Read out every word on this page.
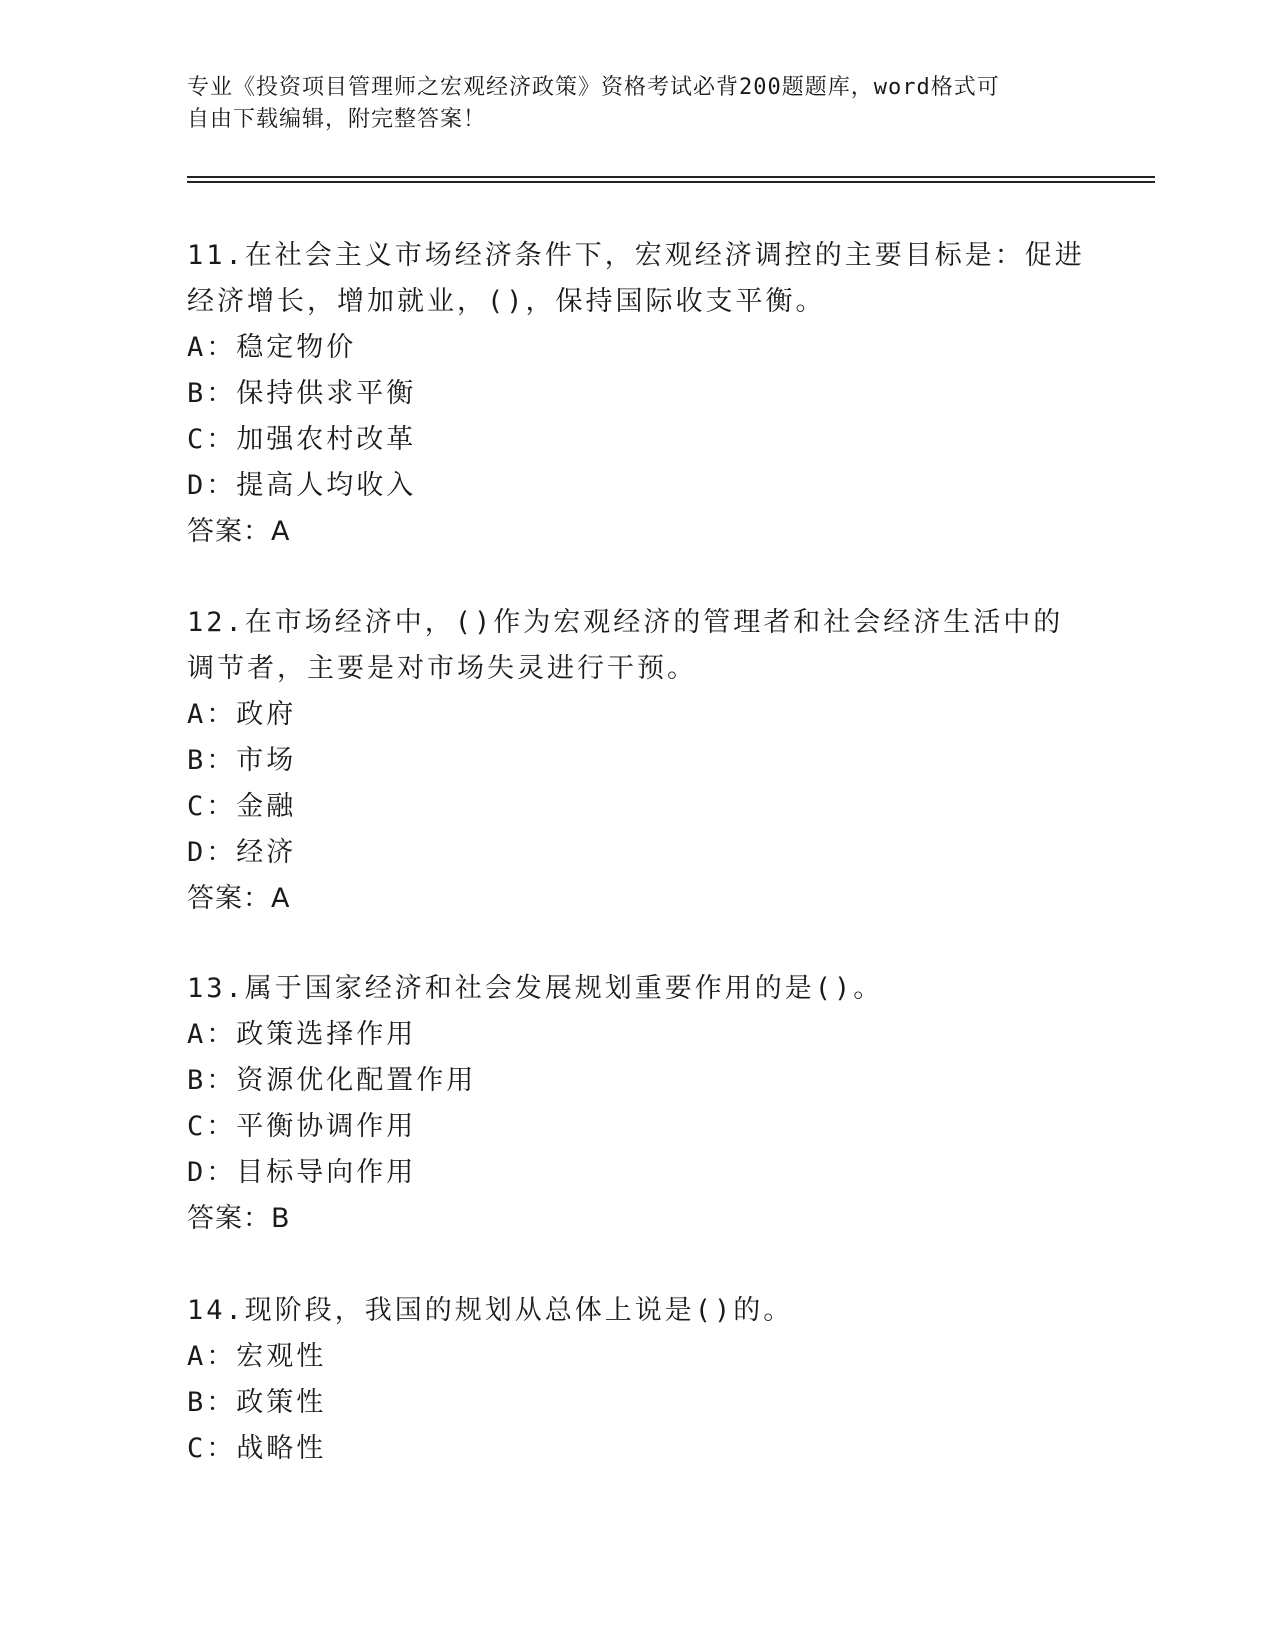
专业《投资项目管理师之宏观经济政策》资格考试必背200题题库，word格式可
自由下载编辑，附完整答案！

11.在社会主义市场经济条件下，宏观经济调控的主要目标是：促进经济增长，增加就业，()，保持国际收支平衡。

A：稳定物价
B：保持供求平衡
C：加强农村改革
D：提高人均收入
答案：A

12.在市场经济中，()作为宏观经济的管理者和社会经济生活中的调节者，主要是对市场失灵进行干预。

A：政府
B：市场
C：金融
D：经济
答案：A

13.属于国家经济和社会发展规划重要作用的是()。

A：政策选择作用
B：资源优化配置作用
C：平衡协调作用
D：目标导向作用
答案：B

14.现阶段，我国的规划从总体上说是()的。

A：宏观性
B：政策性
C：战略性
